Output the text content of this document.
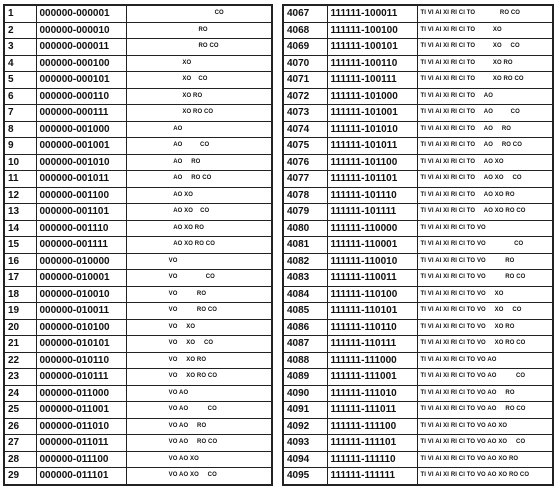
1	000000-000001	CO
2	000000-000010	RO
3	000000-000011	RO CO
4	000000-000100	XO
5	000000-000101	XO    CO
6	000000-000110	XO RO
7	000000-000111	XO RO CO
8	000000-001000	AO
9	000000-001001	AO          CO
10	000000-001010	AO     RO
11	000000-001011	AO     RO CO
12	000000-001100	AO XO
13	000000-001101	AO XO    CO
14	000000-001110	AO XO RO
15	000000-001111	AO XO RO CO
16	000000-010000	VO
17	000000-010001	VO                CO
18	000000-010010	VO           RO
19	000000-010011	VO           RO CO
20	000000-010100	VO     XO
21	000000-010101	VO     XO     CO
22	000000-010110	VO     XO RO
23	000000-010111	VO     XO RO CO
24	000000-011000	VO AO
25	000000-011001	VO AO           CO
26	000000-011010	VO AO     RO
27	000000-011011	VO AO     RO CO
28	000000-011100	VO AO XO
29	000000-011101	VO AO XO     CO
4067	111111-100011	TI VI AI XI RI CI TO              RO CO
4068	111111-100100	TI VI AI XI RI CI TO          XO
4069	111111-100101	TI VI AI XI RI CI TO          XO     CO
4070	111111-100110	TI VI AI XI RI CI TO          XO RO
4071	111111-100111	TI VI AI XI RI CI TO          XO RO CO
4072	111111-101000	TI VI AI XI RI CI TO     AO
4073	111111-101001	TI VI AI XI RI CI TO     AO          CO
4074	111111-101010	TI VI AI XI RI CI TO     AO     RO
4075	111111-101011	TI VI AI XI RI CI TO     AO     RO CO
4076	111111-101100	TI VI AI XI RI CI TO     AO XO
4077	111111-101101	TI VI AI XI RI CI TO     AO XO     CO
4078	111111-101110	TI VI AI XI RI CI TO     AO XO RO
4079	111111-101111	TI VI AI XI RI CI TO     AO XO RO CO
4080	111111-110000	TI VI AI XI RI CI TO VO
4081	111111-110001	TI VI AI XI RI CI TO VO                CO
4082	111111-110010	TI VI AI XI RI CI TO VO           RO
4083	111111-110011	TI VI AI XI RI CI TO VO           RO CO
4084	111111-110100	TI VI AI XI RI CI TO VO     XO
4085	111111-110101	TI VI AI XI RI CI TO VO     XO     CO
4086	111111-110110	TI VI AI XI RI CI TO VO     XO RO
4087	111111-110111	TI VI AI XI RI CI TO VO     XO RO CO
4088	111111-111000	TI VI AI XI RI CI TO VO AO
4089	111111-111001	TI VI AI XI RI CI TO VO AO           CO
4090	111111-111010	TI VI AI XI RI CI TO VO AO     RO
4091	111111-111011	TI VI AI XI RI CI TO VO AO     RO CO
4092	111111-111100	TI VI AI XI RI CI TO VO AO XO
4093	111111-111101	TI VI AI XI RI CI TO VO AO XO     CO
4094	111111-111110	TI VI AI XI RI CI TO VO AO XO RO
4095	111111-111111	TI VI AI XI RI CI TO VO AO XO RO CO
